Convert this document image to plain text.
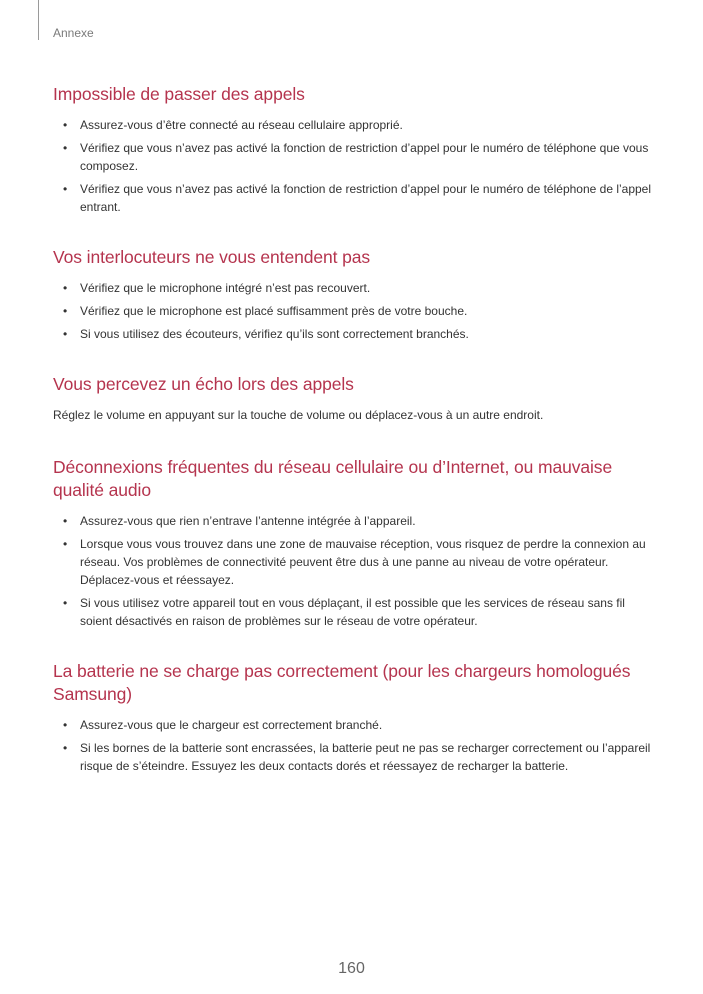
Annexe
Impossible de passer des appels
• Assurez-vous d’être connecté au réseau cellulaire approprié.
• Vérifiez que vous n’avez pas activé la fonction de restriction d’appel pour le numéro de téléphone que vous composez.
• Vérifiez que vous n’avez pas activé la fonction de restriction d’appel pour le numéro de téléphone de l’appel entrant.
Vos interlocuteurs ne vous entendent pas
• Vérifiez que le microphone intégré n’est pas recouvert.
• Vérifiez que le microphone est placé suffisamment près de votre bouche.
• Si vous utilisez des écouteurs, vérifiez qu’ils sont correctement branchés.
Vous percevez un écho lors des appels

Réglez le volume en appuyant sur la touche de volume ou déplacez-vous à un autre endroit.

Déconnexions fréquentes du réseau cellulaire ou d’Internet, ou mauvaise qualité audio
• Assurez-vous que rien n’entrave l’antenne intégrée à l’appareil.
• Lorsque vous vous trouvez dans une zone de mauvaise réception, vous risquez de perdre la connexion au réseau. Vos problèmes de connectivité peuvent être dus à une panne au niveau de votre opérateur. Déplacez-vous et réessayez.
• Si vous utilisez votre appareil tout en vous déplaçant, il est possible que les services de réseau sans fil soient désactivés en raison de problèmes sur le réseau de votre opérateur.
La batterie ne se charge pas correctement (pour les chargeurs homologués Samsung)
• Assurez-vous que le chargeur est correctement branché.
• Si les bornes de la batterie sont encrassées, la batterie peut ne pas se recharger correctement ou l’appareil risque de s’éteindre. Essuyez les deux contacts dorés et réessayez de recharger la batterie.
160
